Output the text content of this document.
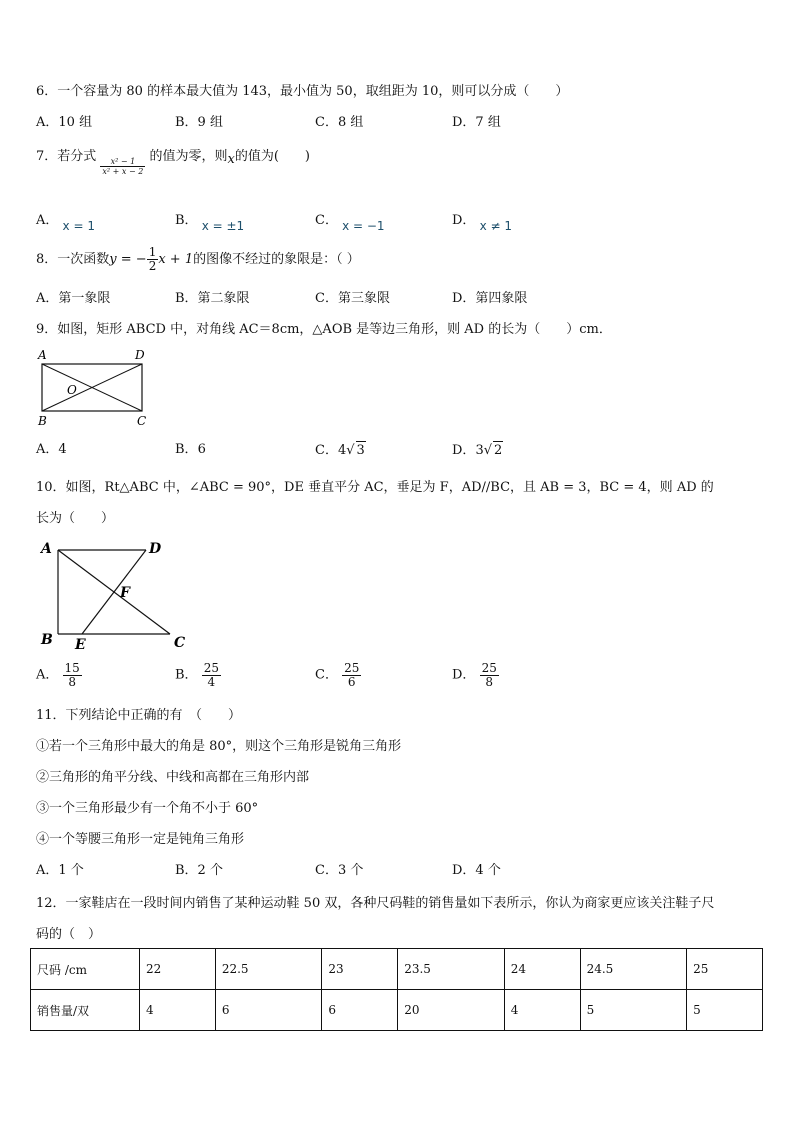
6．一个容量为 80 的样本最大值为 143，最小值为 50，取组距为 10，则可以分成（　　）
A．10 组	B．9 组	C．8 组	D．7 组
7．若分式
$\frac{\text{x² − 1}}{\text{x² + x − 2}}$
的值为零，则x的值为(　　)
A． x = 1	B． x = ±1	C． x = −1	D． x ≠ 1
8．一次函数y = − $\frac{1}{2}$ x + 1的图像不经过的象限是：（ ）
A．第一象限	B．第二象限	C．第三象限	D．第四象限
9．如图，矩形 ABCD 中，对角线 AC＝8cm，△AOB 是等边三角形，则 AD 的长为（　　）cm．
A	D
B	C
O
A．4	B．6	C．4√ 3	D．3√ 2
10．如图，Rt△ABC 中，∠ABC = 90°，DE 垂直平分 AC，垂足为 F，AD//BC，且 AB = 3，BC = 4，则 AD 的
长为（　　）
A	D
B E	C
F
A． $\frac{15}{8}$	B． $\frac{25}{4}$	C． $\frac{25}{6}$	D． $\frac{25}{8}$
11．下列结论中正确的有　（　　）
①若一个三角形中最大的角是 80°，则这个三角形是锐角三角形
②三角形的角平分线、中线和高都在三角形内部
③一个三角形最少有一个角不小于 60°
④一个等腰三角形一定是钝角三角形
A．1 个	B．2 个	C．3 个	D．4 个
12．一家鞋店在一段时间内销售了某种运动鞋 50 双，各种尺码鞋的销售量如下表所示，你认为商家更应该关注鞋子尺
码的（　）
尺码 /cm	22	22.5	23	23.5	24	24.5	25
销售量/双	4	6	6	20	4	5	5
